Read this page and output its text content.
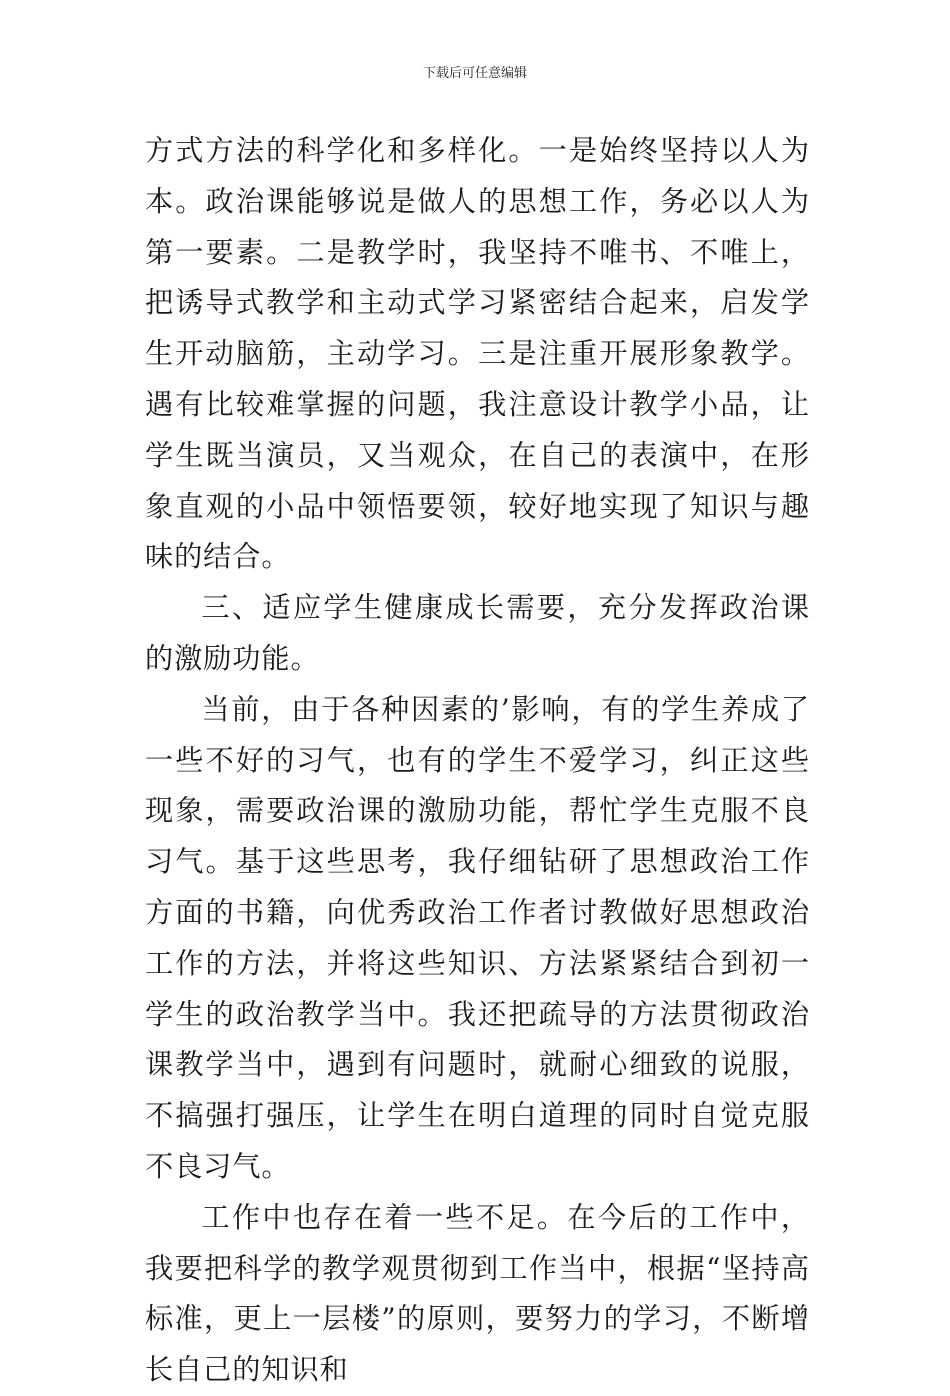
下载后可任意编辑

方式方法的科学化和多样化。一是始终坚持以人为本。政治课能够说是做人的思想工作，务必以人为第一要素。二是教学时，我坚持不唯书、不唯上，把诱导式教学和主动式学习紧密结合起来，启发学生开动脑筋，主动学习。三是注重开展形象教学。遇有比较难掌握的问题，我注意设计教学小品，让学生既当演员，又当观众，在自己的表演中，在形象直观的小品中领悟要领，较好地实现了知识与趣味的结合。

三、适应学生健康成长需要，充分发挥政治课的激励功能。

当前，由于各种因素的’影响，有的学生养成了一些不好的习气，也有的学生不爱学习，纠正这些现象，需要政治课的激励功能，帮忙学生克服不良习气。基于这些思考，我仔细钻研了思想政治工作方面的书籍，向优秀政治工作者讨教做好思想政治工作的方法，并将这些知识、方法紧紧结合到初一学生的政治教学当中。我还把疏导的方法贯彻政治课教学当中，遇到有问题时，就耐心细致的说服，不搞强打强压，让学生在明白道理的同时自觉克服不良习气。

工作中也存在着一些不足。在今后的工作中，我要把科学的教学观贯彻到工作当中，根据“坚持高标准，更上一层楼”的原则，要努力的学习，不断增长自己的知识和
